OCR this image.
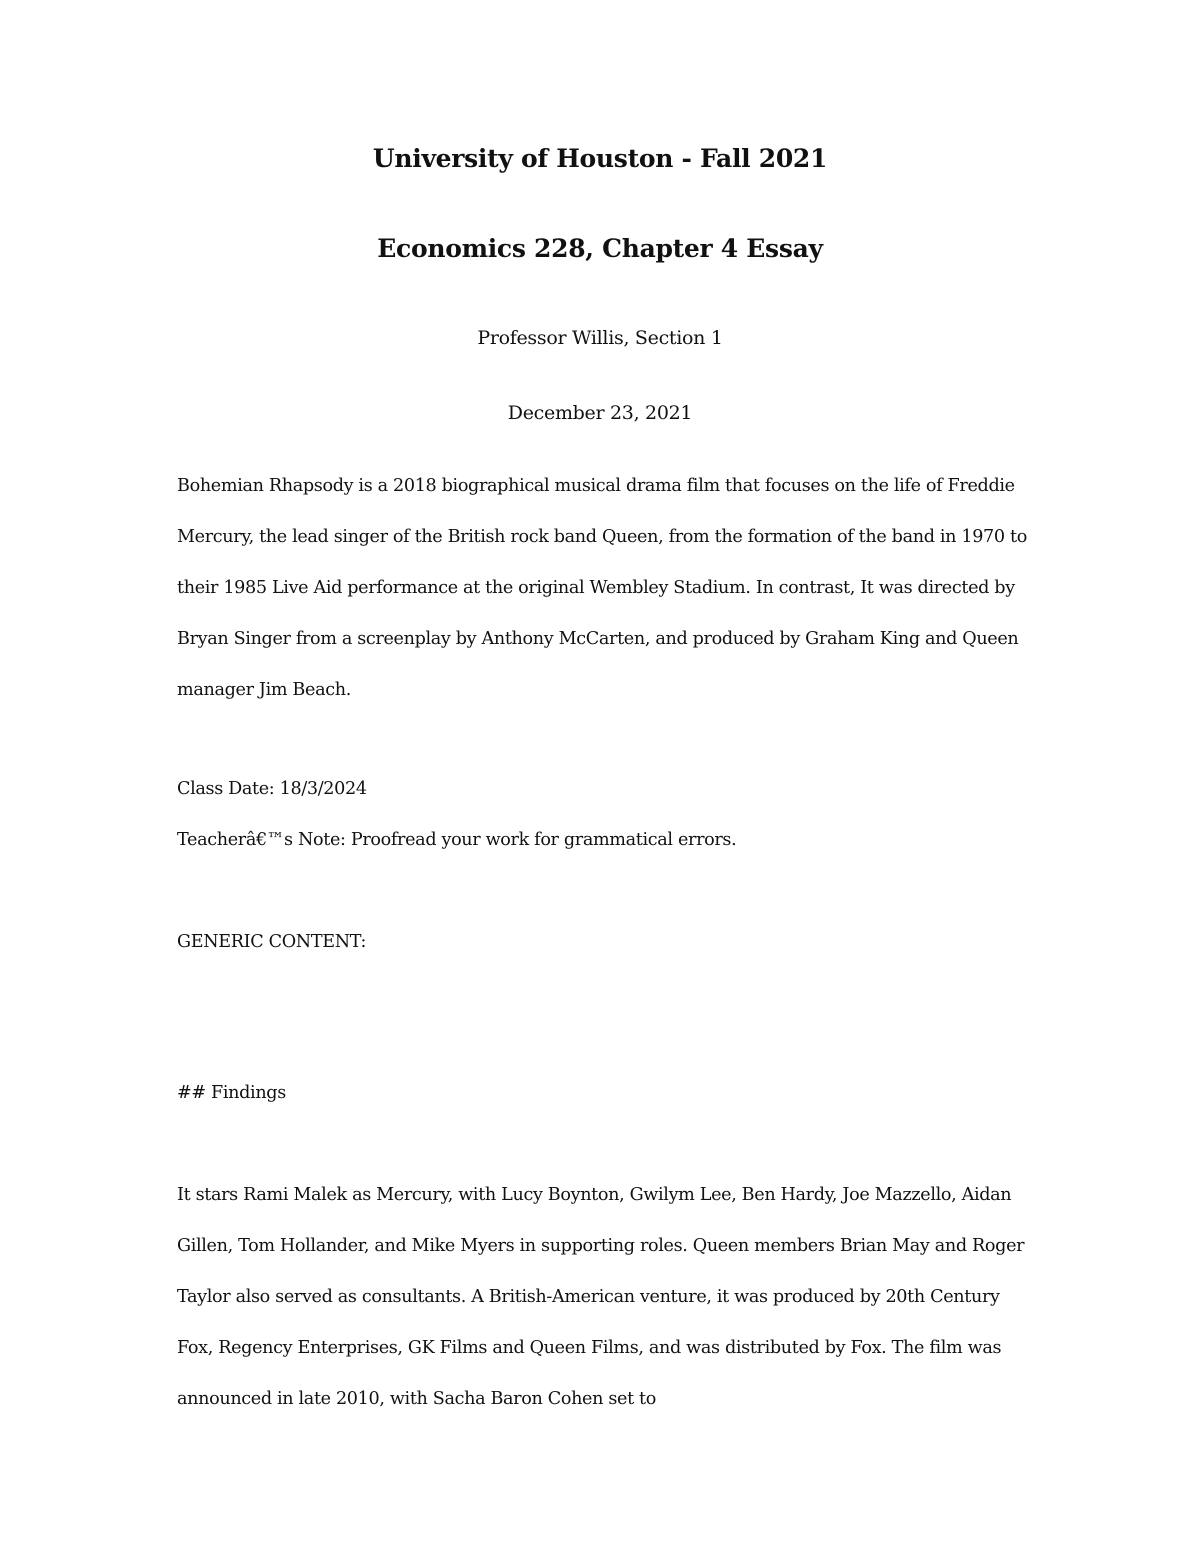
University of Houston - Fall 2021
Economics 228, Chapter 4 Essay

Professor Willis, Section 1

December 23, 2021

Bohemian Rhapsody is a 2018 biographical musical drama film that focuses on the life of Freddie Mercury, the lead singer of the British rock band Queen, from the formation of the band in 1970 to their 1985 Live Aid performance at the original Wembley Stadium. In contrast, It was directed by Bryan Singer from a screenplay by Anthony McCarten, and produced by Graham King and Queen manager Jim Beach.

Class Date: 18/3/2024

Teacherâ€™s Note: Proofread your work for grammatical errors.

GENERIC CONTENT:

## Findings

It stars Rami Malek as Mercury, with Lucy Boynton, Gwilym Lee, Ben Hardy, Joe Mazzello, Aidan Gillen, Tom Hollander, and Mike Myers in supporting roles. Queen members Brian May and Roger Taylor also served as consultants. A British-American venture, it was produced by 20th Century Fox, Regency Enterprises, GK Films and Queen Films, and was distributed by Fox. The film was announced in late 2010, with Sacha Baron Cohen set to
